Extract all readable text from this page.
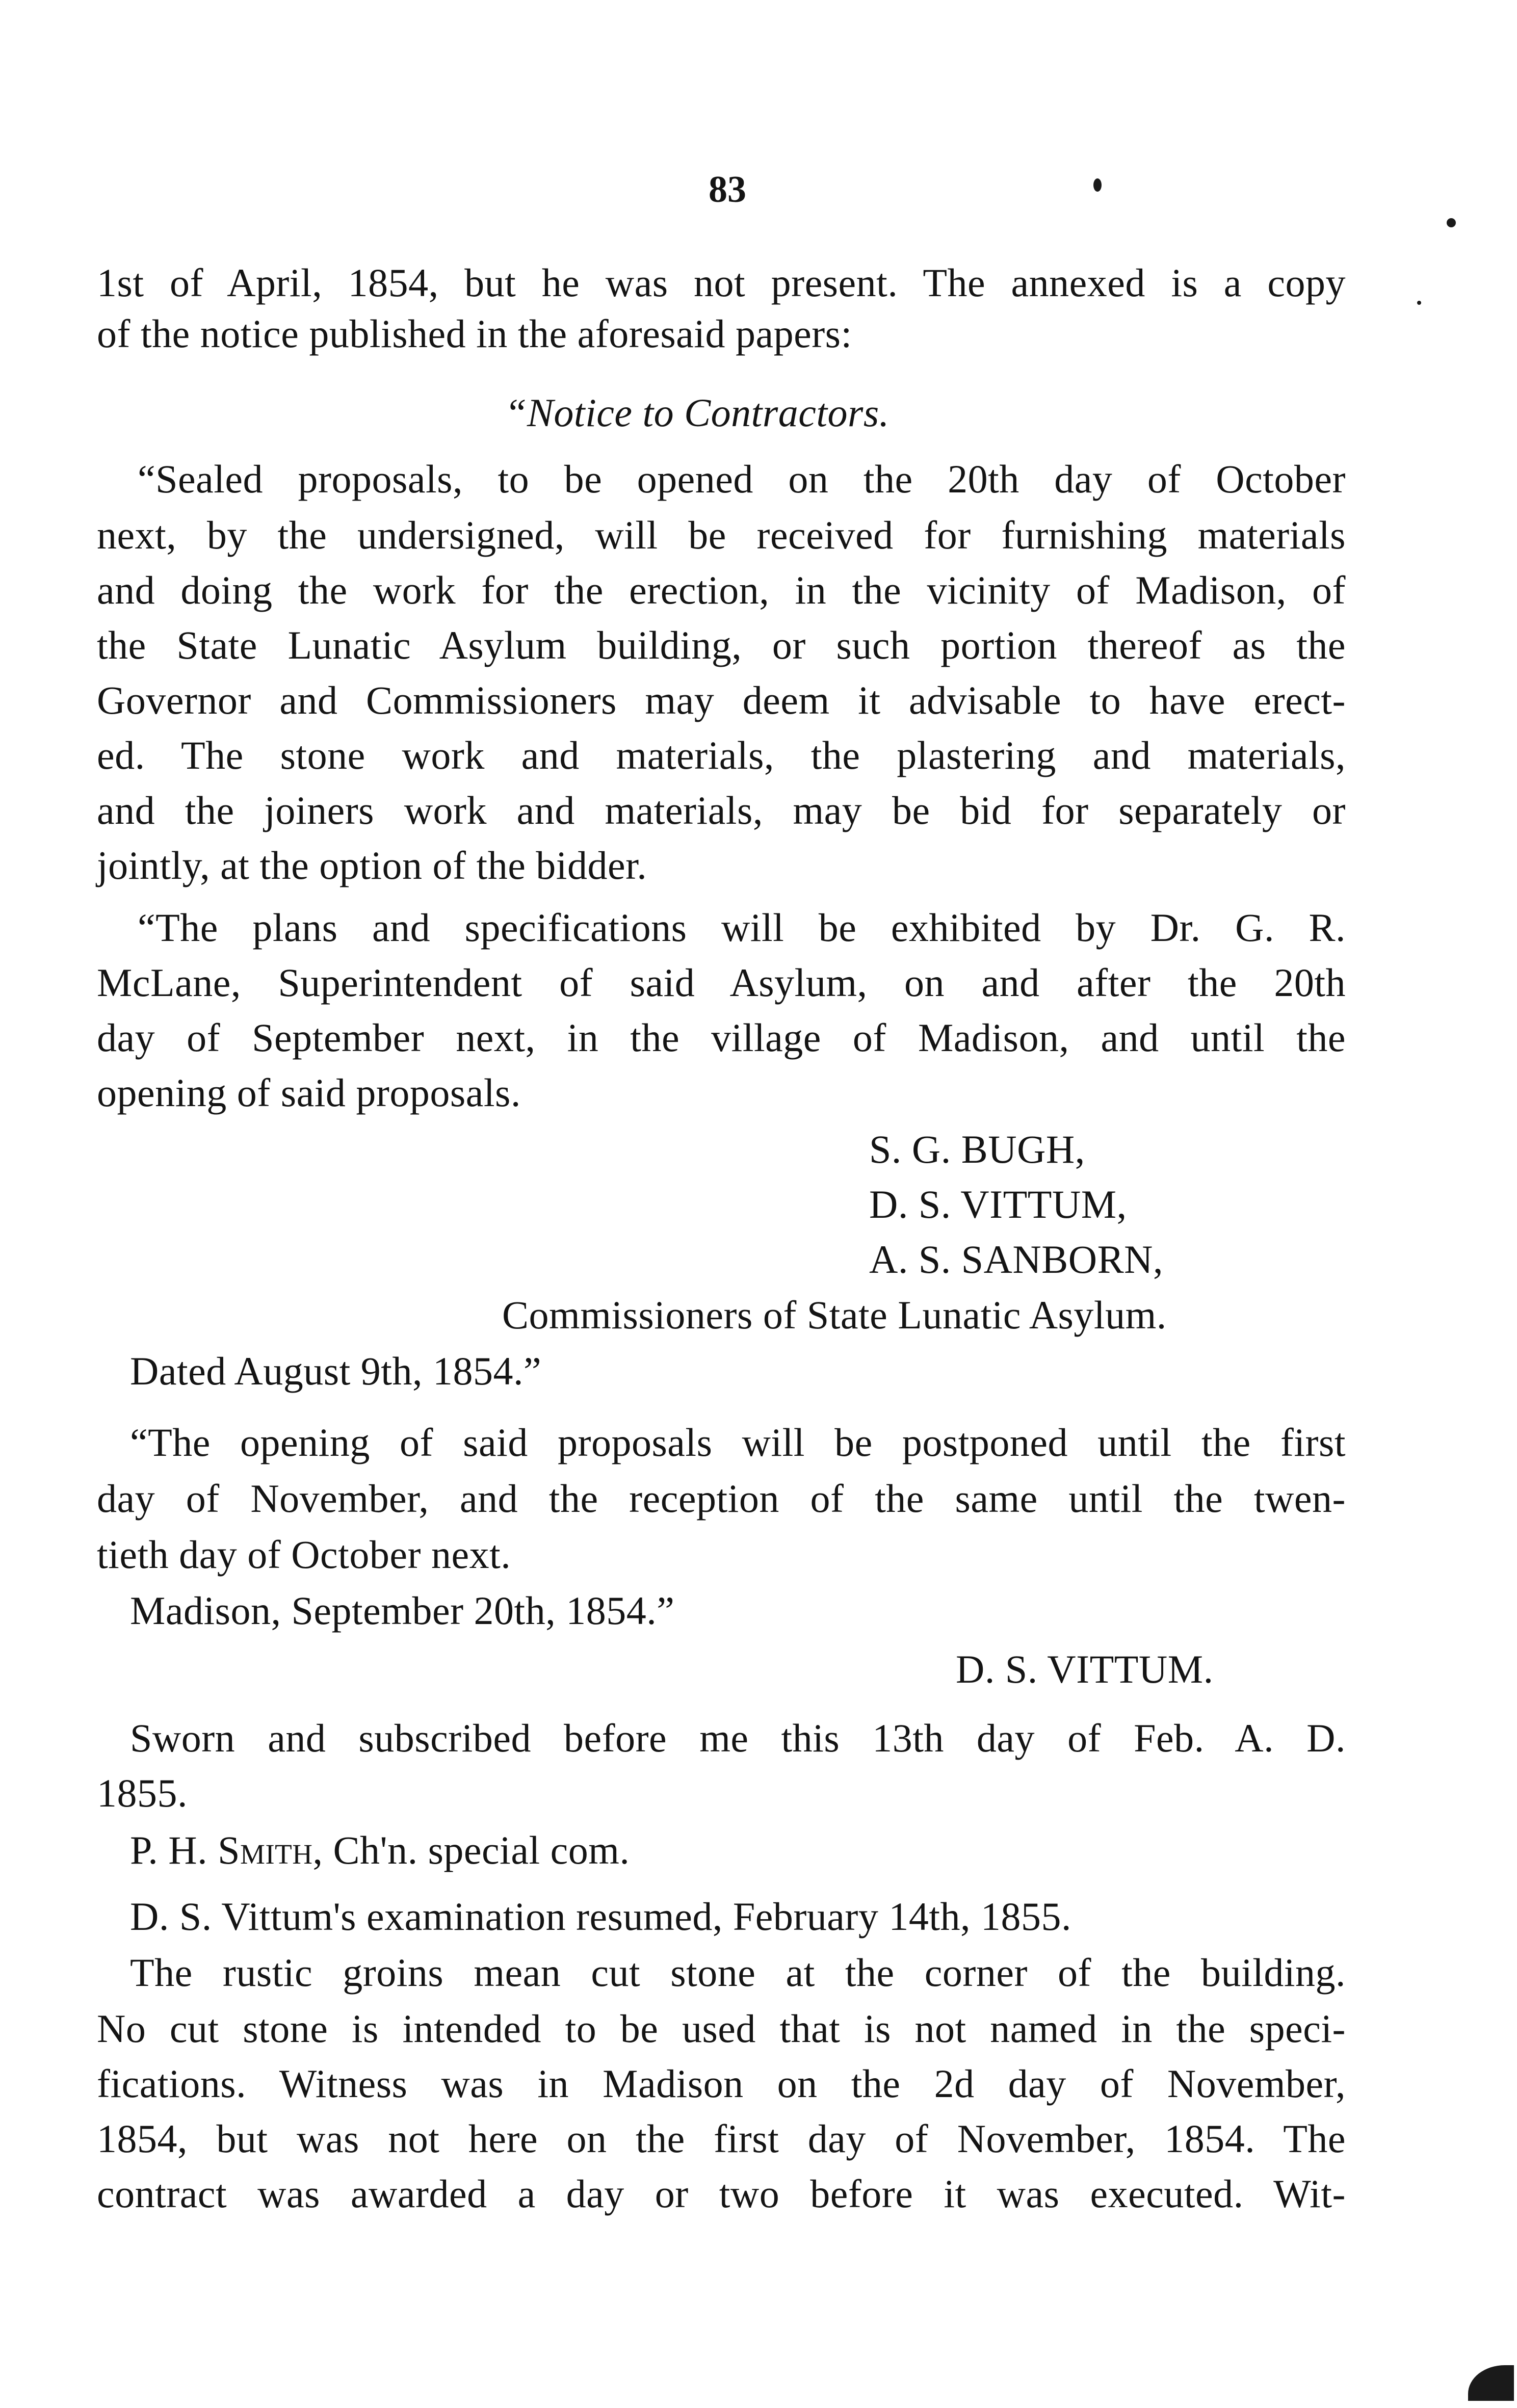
83
1st of April, 1854, but he was not present. The annexed is a copy
of the notice published in the aforesaid papers:
“Notice to Contractors.
“Sealed proposals, to be opened on the 20th day of October
next, by the undersigned, will be received for furnishing materials
and doing the work for the erection, in the vicinity of Madison, of
the State Lunatic Asylum building, or such portion thereof as the
Governor and Commissioners may deem it advisable to have erect-
ed. The stone work and materials, the plastering and materials,
and the joiners work and materials, may be bid for separately or
jointly, at the option of the bidder.
“The plans and specifications will be exhibited by Dr. G. R.
McLane, Superintendent of said Asylum, on and after the 20th
day of September next, in the village of Madison, and until the
opening of said proposals.
S. G. BUGH,
D. S. VITTUM,
A. S. SANBORN,
Commissioners of State Lunatic Asylum.
Dated August 9th, 1854.”
“The opening of said proposals will be postponed until the first
day of November, and the reception of the same until the twen-
tieth day of October next.
Madison, September 20th, 1854.”
D. S. VITTUM.
Sworn and subscribed before me this 13th day of Feb. A. D.
1855.
P. H. Smith, Ch'n. special com.
D. S. Vittum's examination resumed, February 14th, 1855.
The rustic groins mean cut stone at the corner of the building.
No cut stone is intended to be used that is not named in the speci-
fications. Witness was in Madison on the 2d day of November,
1854, but was not here on the first day of November, 1854. The
contract was awarded a day or two before it was executed. Wit-
